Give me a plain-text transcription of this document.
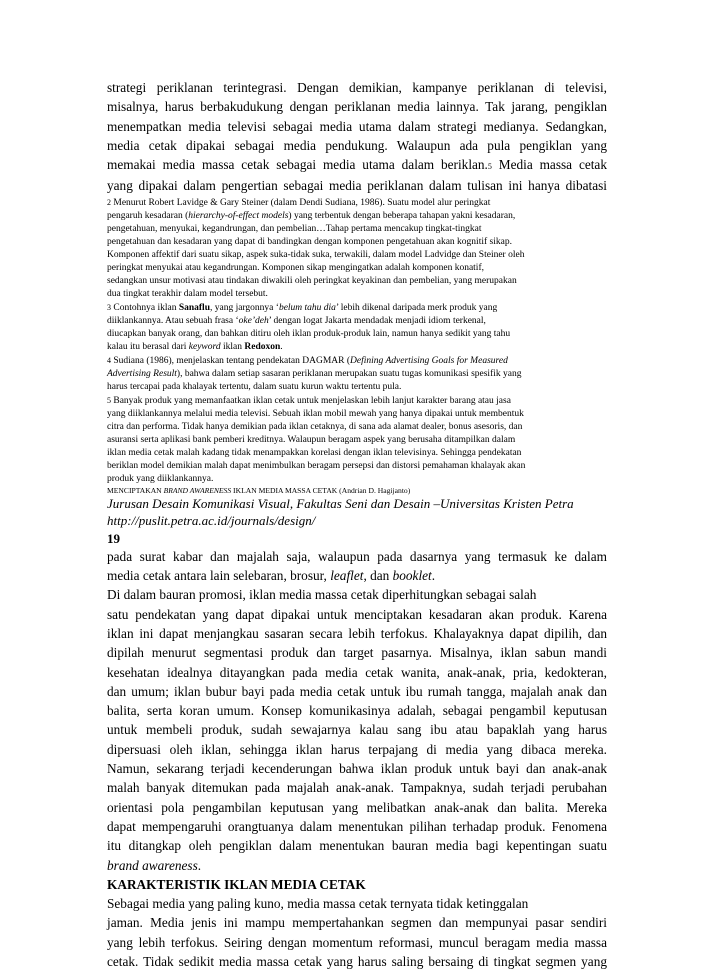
strategi periklanan terintegrasi. Dengan demikian, kampanye periklanan di televisi,

misalnya, harus berbakudukung dengan periklanan media lainnya. Tak jarang, pengiklan

menempatkan media televisi sebagai media utama dalam strategi medianya. Sedangkan,

media cetak dipakai sebagai media pendukung. Walaupun ada pula pengiklan yang

memakai media massa cetak sebagai media utama dalam beriklan.5 Media massa cetak

yang dipakai dalam pengertian sebagai media periklanan dalam tulisan ini hanya dibatasi

2 Menurut Robert Lavidge & Gary Steiner (dalam Dendi Sudiana, 1986). Suatu model alur peringkat

pengaruh kesadaran (hierarchy-of-effect models) yang terbentuk dengan beberapa tahapan yakni kesadaran,

pengetahuan, menyukai, kegandrungan, dan pembelian…Tahap pertama mencakup tingkat-tingkat

pengetahuan dan kesadaran yang dapat di bandingkan dengan komponen pengetahuan akan kognitif sikap.

Komponen affektif dari suatu sikap, aspek suka-tidak suka, terwakili, dalam model Ladvidge dan Steiner oleh

peringkat menyukai atau kegandrungan. Komponen sikap mengingatkan adalah komponen konatif,

sedangkan unsur motivasi atau tindakan diwakili oleh peringkat keyakinan dan pembelian, yang merupakan

dua tingkat terakhir dalam model tersebut.

3 Contohnya iklan Sanaflu, yang jargonnya ‘belum tahu dia’ lebih dikenal daripada merk produk yang

diiklankannya. Atau sebuah frasa ‘oke’deh’ dengan logat Jakarta mendadak menjadi idiom terkenal,

diucapkan banyak orang, dan bahkan ditiru oleh iklan produk-produk lain, namun hanya sedikit yang tahu

kalau itu berasal dari keyword iklan Redoxon.

4 Sudiana (1986), menjelaskan tentang pendekatan DAGMAR (Defining Advertising Goals for Measured

Advertising Result), bahwa dalam setiap sasaran periklanan merupakan suatu tugas komunikasi spesifik yang

harus tercapai pada khalayak tertentu, dalam suatu kurun waktu tertentu pula.

5 Banyak produk yang memanfaatkan iklan cetak untuk menjelaskan lebih lanjut karakter barang atau jasa

yang diiklankannya melalui media televisi. Sebuah iklan mobil mewah yang hanya dipakai untuk membentuk

citra dan performa. Tidak hanya demikian pada iklan cetaknya, di sana ada alamat dealer, bonus asesoris, dan

asuransi serta aplikasi bank pemberi kreditnya. Walaupun beragam aspek yang berusaha ditampilkan dalam

iklan media cetak malah kadang tidak menampakkan korelasi dengan iklan televisinya. Sehingga pendekatan

beriklan model demikian malah dapat menimbulkan beragam persepsi dan distorsi pemahaman khalayak akan

produk yang diiklankannya.

MENCIPTAKAN BRAND AWARENESS IKLAN MEDIA MASSA CETAK (Andrian D. Hagijanto)

Jurusan Desain Komunikasi Visual, Fakultas Seni dan Desain –Universitas Kristen Petra

http://puslit.petra.ac.id/journals/design/

19

pada surat kabar dan majalah saja, walaupun pada dasarnya yang termasuk ke dalam

media cetak antara lain selebaran, brosur, leaflet, dan booklet.

Di dalam bauran promosi, iklan media massa cetak diperhitungkan sebagai salah

satu pendekatan yang dapat dipakai untuk menciptakan kesadaran akan produk. Karena

iklan ini dapat menjangkau sasaran secara lebih terfokus. Khalayaknya dapat dipilih, dan

dipilah menurut segmentasi produk dan target pasarnya. Misalnya, iklan sabun mandi

kesehatan idealnya ditayangkan pada media cetak wanita, anak-anak, pria, kedokteran,

dan umum; iklan bubur bayi pada media cetak untuk ibu rumah tangga, majalah anak dan

balita, serta koran umum. Konsep komunikasinya adalah, sebagai pengambil keputusan

untuk membeli produk, sudah sewajarnya kalau sang ibu atau bapaklah yang harus

dipersuasi oleh iklan, sehingga iklan harus terpajang di media yang dibaca mereka.

Namun, sekarang terjadi kecenderungan bahwa iklan produk untuk bayi dan anak-anak

malah banyak ditemukan pada majalah anak-anak. Tampaknya, sudah terjadi perubahan

orientasi pola pengambilan keputusan yang melibatkan anak-anak dan balita. Mereka

dapat mempengaruhi orangtuanya dalam menentukan pilihan terhadap produk. Fenomena

itu ditangkap oleh pengiklan dalam menentukan bauran media bagi kepentingan suatu

brand awareness.

KARAKTERISTIK IKLAN MEDIA CETAK

Sebagai media yang paling kuno, media massa cetak ternyata tidak ketinggalan

jaman. Media jenis ini mampu mempertahankan segmen dan mempunyai pasar sendiri

yang lebih terfokus. Seiring dengan momentum reformasi, muncul beragam media massa

cetak. Tidak sedikit media massa cetak yang harus saling bersaing di tingkat segmen yang
